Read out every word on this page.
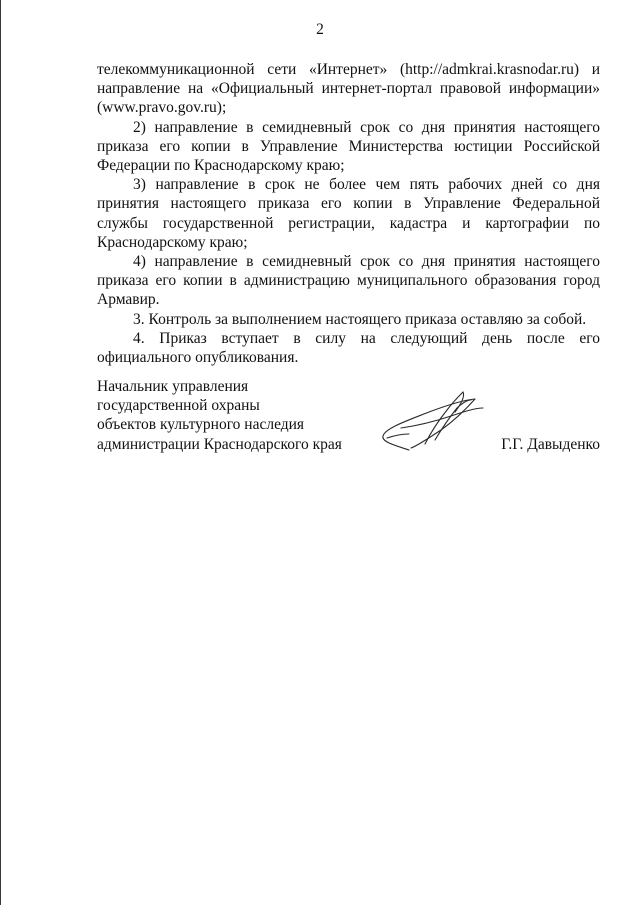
2

телекоммуникационной сети «Интернет» (http://admkrai.krasnodar.ru) и направление на «Официальный интернет-портал правовой информации» (www.pravo.gov.ru);

2) направление в семидневный срок со дня принятия настоящего приказа его копии в Управление Министерства юстиции Российской Федерации по Краснодарскому краю;

3) направление в срок не более чем пять рабочих дней со дня принятия настоящего приказа его копии в Управление Федеральной службы государственной регистрации, кадастра и картографии по Краснодарскому краю;

4) направление в семидневный срок со дня принятия настоящего приказа его копии в администрацию муниципального образования город Армавир.

3. Контроль за выполнением настоящего приказа оставляю за собой.

4. Приказ вступает в силу на следующий день после его официального опубликования.

Начальник управления
государственной охраны
объектов культурного наследия
администрации Краснодарского края	Г.Г. Давыденко
